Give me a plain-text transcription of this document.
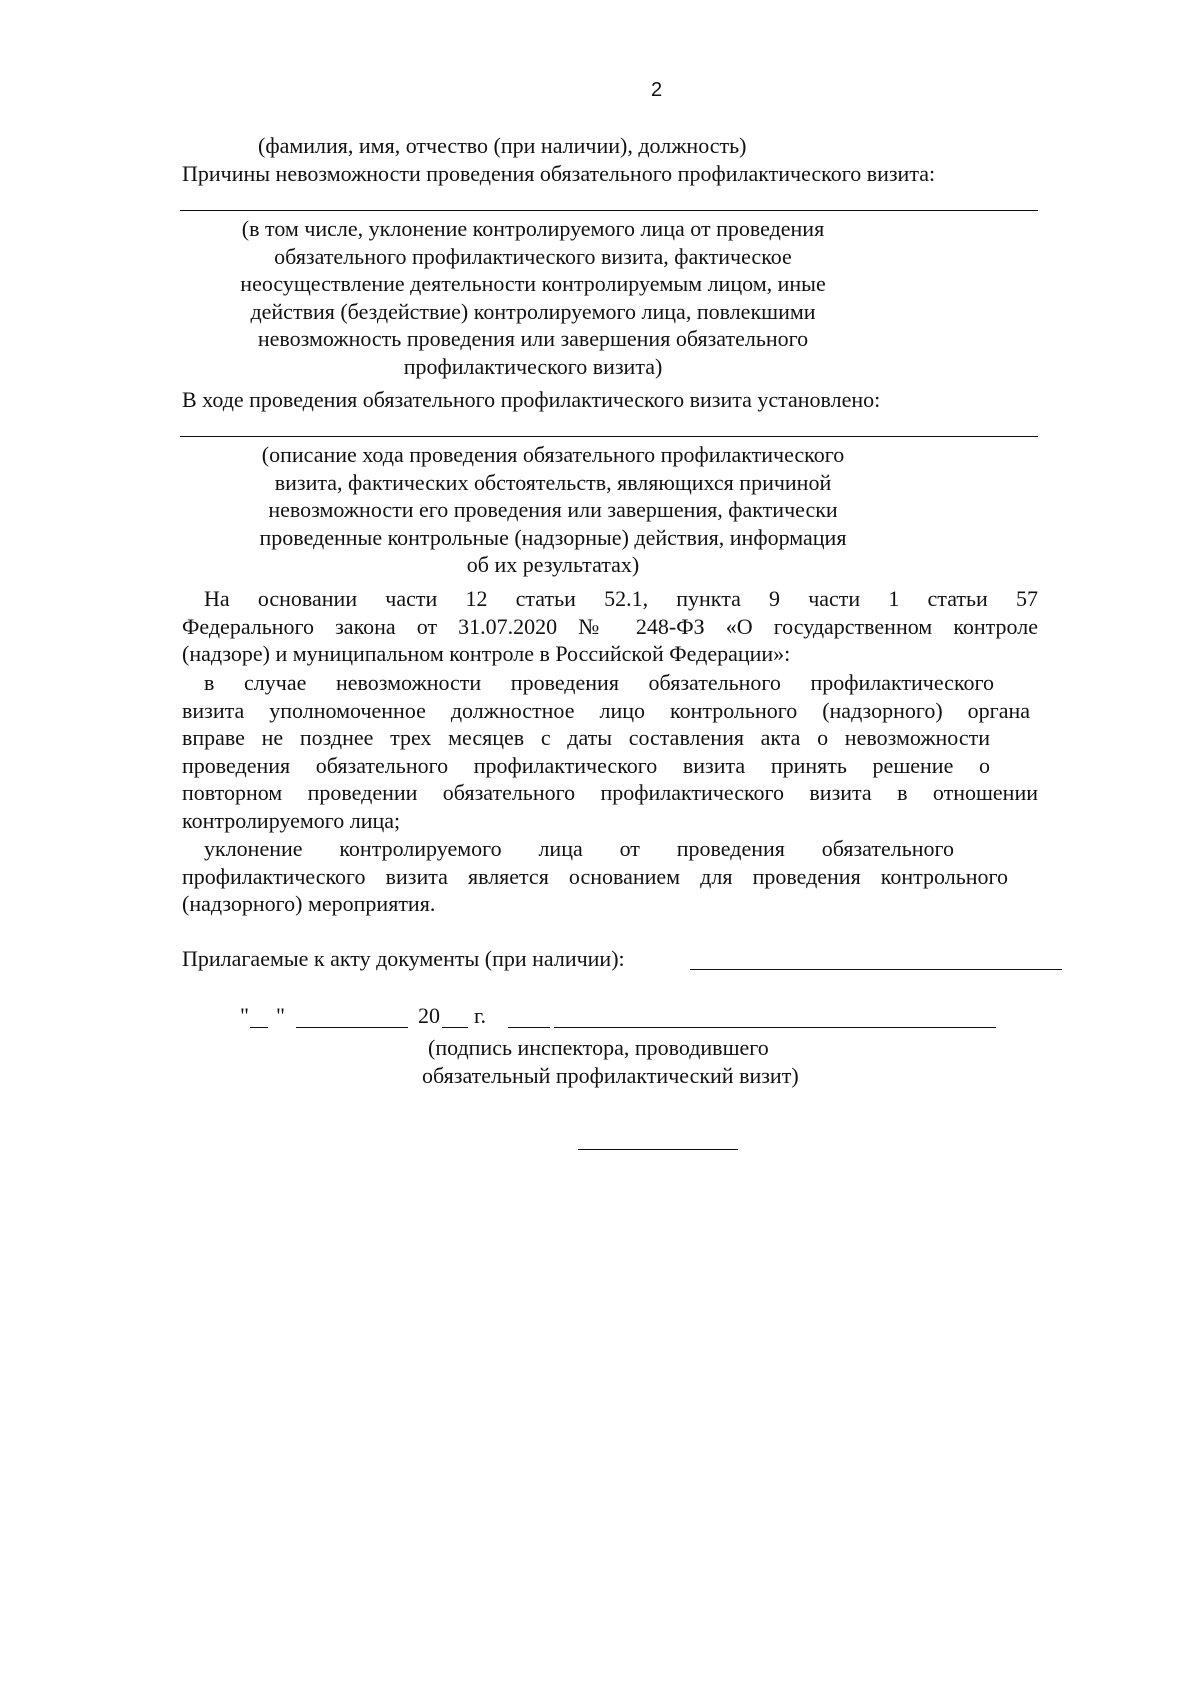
2
(фамилия, имя, отчество (при наличии), должность)
Причины невозможности проведения обязательного профилактического визита:
(в том числе, уклонение контролируемого лица от проведения
обязательного профилактического визита, фактическое
неосуществление деятельности контролируемым лицом, иные
действия (бездействие) контролируемого лица, повлекшими
невозможность проведения или завершения обязательного
профилактического визита)
В ходе проведения обязательного профилактического визита установлено:
(описание хода проведения обязательного профилактического
визита, фактических обстоятельств, являющихся причиной
невозможности его проведения или завершения, фактически
проведенные контрольные (надзорные) действия, информация
об их результатах)
На основании части 12 статьи 52.1, пункта 9 части 1 статьи 57
Федерального закона от 31.07.2020 № 248-ФЗ «О государственном контроле
(надзоре) и муниципальном контроле в Российской Федерации»:
в случае невозможности проведения обязательного профилактического
визита уполномоченное должностное лицо контрольного (надзорного) органа
вправе не позднее трех месяцев с даты составления акта о невозможности
проведения обязательного профилактического визита принять решение о
повторном проведении обязательного профилактического визита в отношении
контролируемого лица;
уклонение контролируемого лица от проведения обязательного
профилактического визита является основанием для проведения контрольного
(надзорного) мероприятия.
Прилагаемые к акту документы (при наличии):
" "	20 г.
(подпись инспектора, проводившего
обязательный профилактический визит)
